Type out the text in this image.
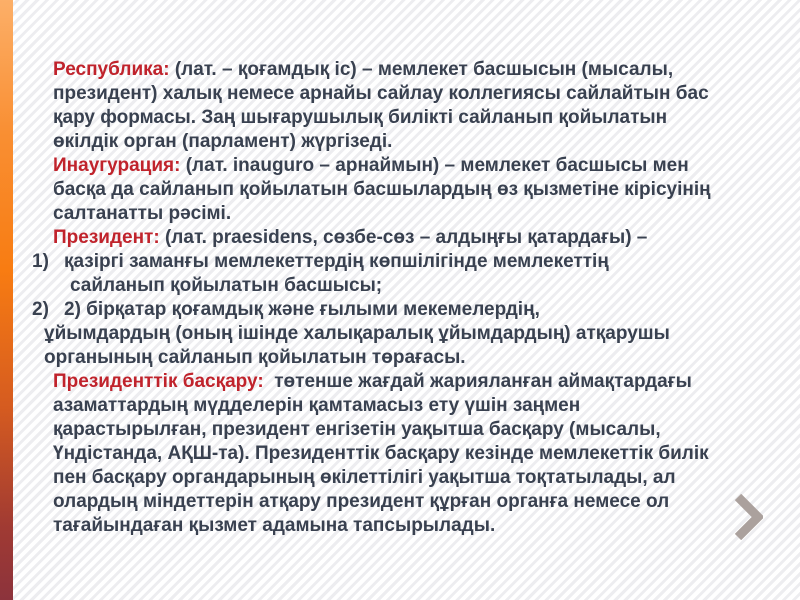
Республика: (лат. – қоғамдық іс) – мемлекет басшысын (мысалы,
президент) халық немесе арнайы сайлау коллегиясы сайлайтын бас
қару формасы. Заң шығарушылық билікті сайланып қойылатын
өкілдік орган (парламент) жүргізеді.
Инаугурация: (лат. inauguro – арнаймын) – мемлекет басшысы мен
басқа да сайланып қойылатын басшылардың өз қызметіне кірісуінің
салтанатты рәсімі.
Президент: (лат. praesidens, сөзбе-сөз – алдыңғы қатардағы) –
1) қазіргі заманғы мемлекеттердің көпшілігінде мемлекеттің
сайланып қойылатын басшысы;
2) 2) бірқатар қоғамдық және ғылыми мекемелердің,
ұйымдардың (оның ішінде халықаралық ұйымдардың) атқарушы
органының сайланып қойылатын төрағасы.
Президенттік басқару:  төтенше жағдай жарияланған аймақтардағы
азаматтардың мүдделерін қамтамасыз ету үшін заңмен
қарастырылған, президент енгізетін уақытша басқару (мысалы,
Үндістанда, АҚШ-та). Президенттік басқару кезінде мемлекеттік билік
пен басқару органдарының өкілеттілігі уақытша тоқтатылады, ал
олардың міндеттерін атқару президент құрған органға немесе ол
тағайындаған қызмет адамына тапсырылады.
